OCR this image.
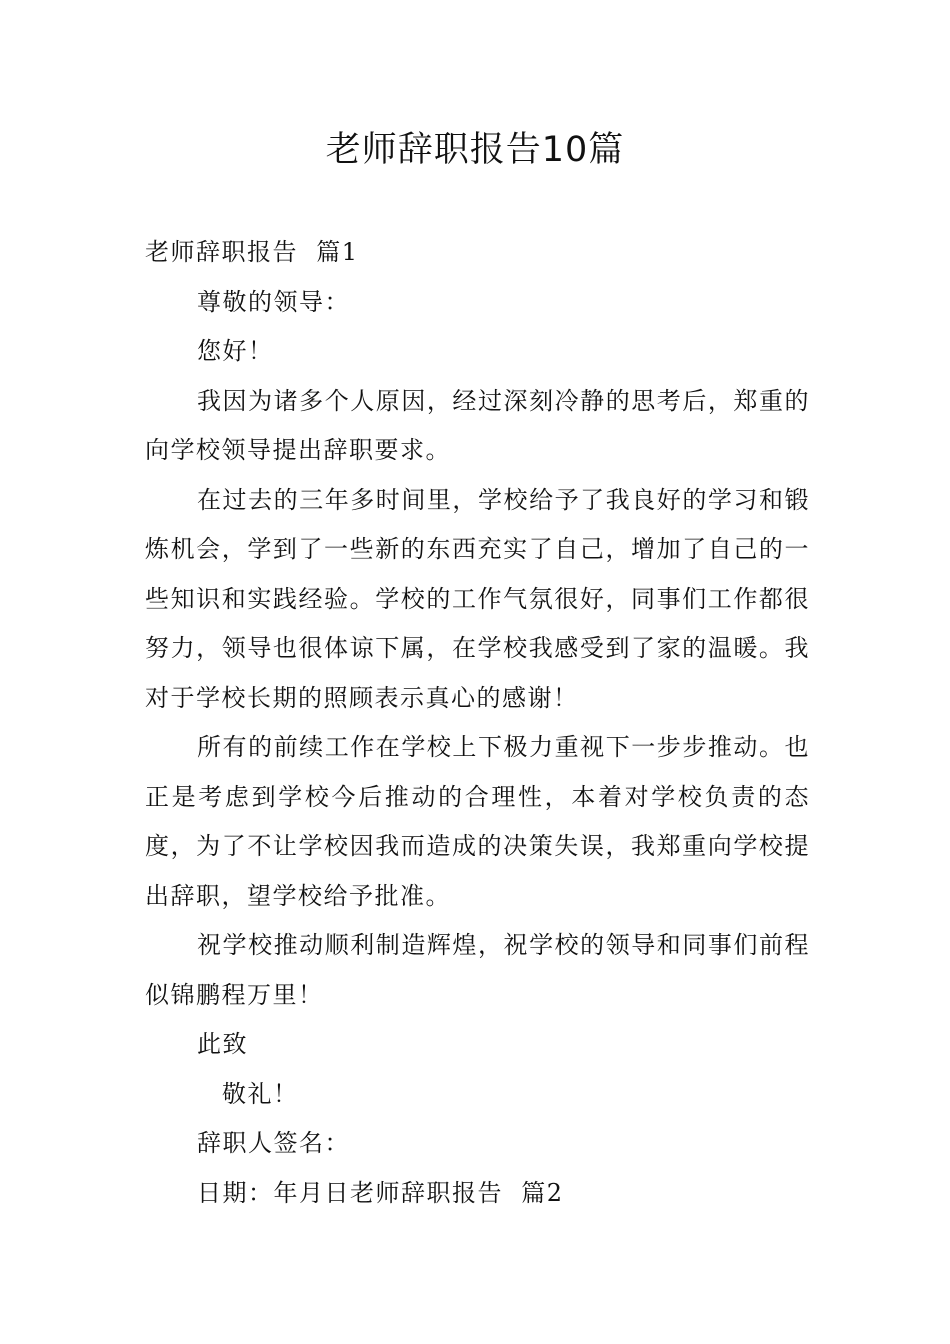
老师辞职报告10篇

老师辞职报告  篇1

尊敬的领导：

您好！

我因为诸多个人原因，经过深刻冷静的思考后，郑重的向学校领导提出辞职要求。

在过去的三年多时间里，学校给予了我良好的学习和锻炼机会，学到了一些新的东西充实了自己，增加了自己的一些知识和实践经验。学校的工作气氛很好，同事们工作都很努力，领导也很体谅下属，在学校我感受到了家的温暖。我对于学校长期的照顾表示真心的感谢！

所有的前续工作在学校上下极力重视下一步步推动。也正是考虑到学校今后推动的合理性，本着对学校负责的态度，为了不让学校因我而造成的决策失误，我郑重向学校提出辞职，望学校给予批准。

祝学校推动顺利制造辉煌，祝学校的领导和同事们前程似锦鹏程万里！

此致

敬礼！

辞职人签名：

日期：年月日老师辞职报告  篇2
